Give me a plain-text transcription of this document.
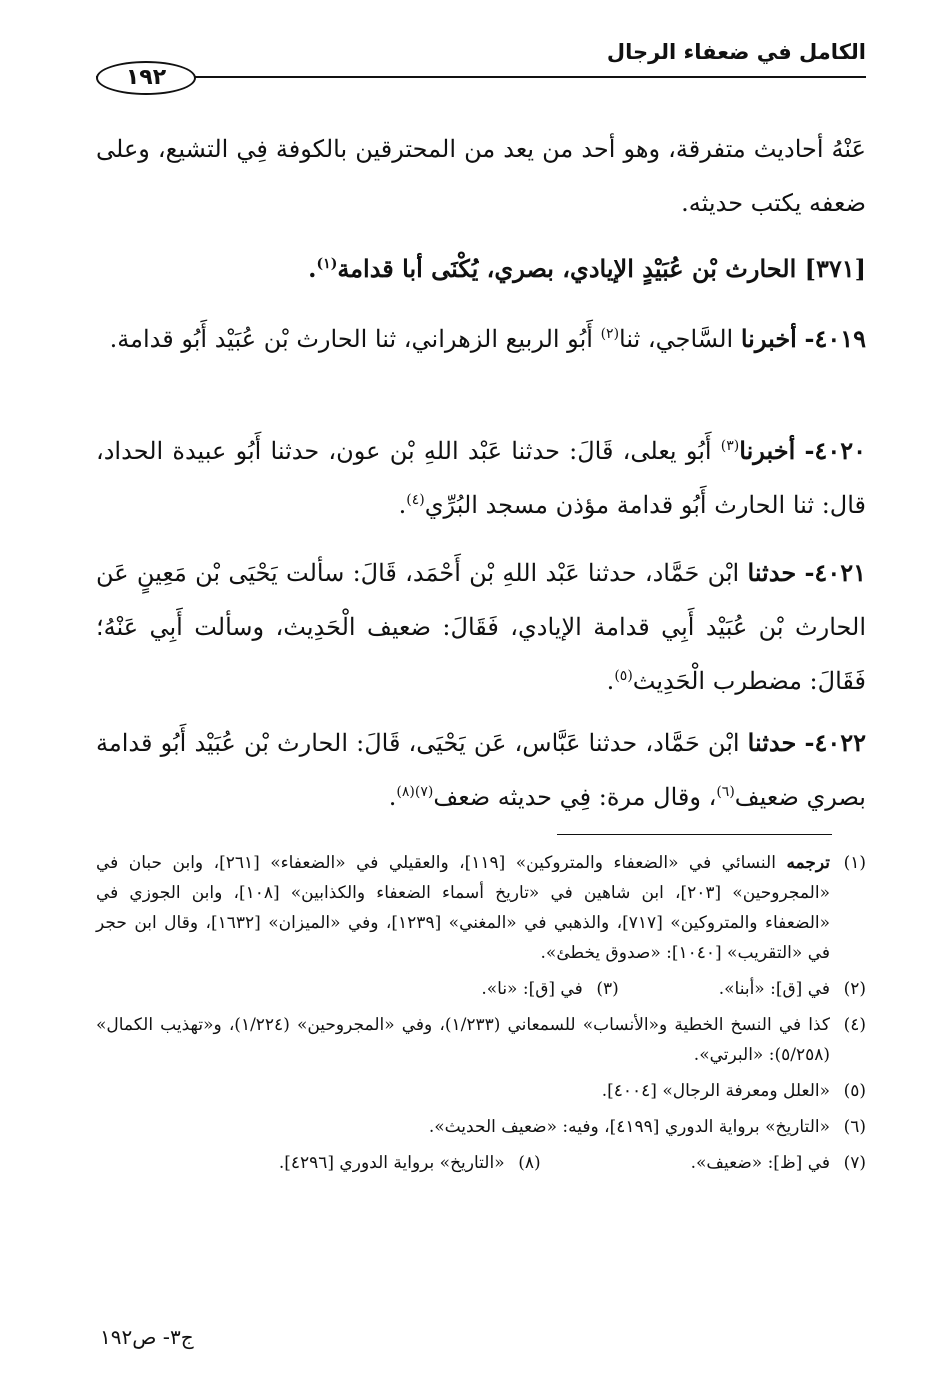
الكامل في ضعفاء الرجال
١٩٢

عَنْهُ أحاديث متفرقة، وهو أحد من يعد من المحترقين بالكوفة فِي التشيع، وعلى ضعفه يكتب حديثه.

[٣٧١] الحارث بْن عُبَيْدٍ الإيادي، بصري، يُكْنَى أبا قدامة$^{(١)}$.

٤٠١٩- أخبرنا السَّاجي، ثنا$^{(٢)}$ أَبُو الربيع الزهراني، ثنا الحارث بْن عُبَيْد أَبُو قدامة.

٤٠٢٠- أخبرنا$^{(٣)}$ أَبُو يعلى، قَالَ: حدثنا عَبْد اللهِ بْن عون، حدثنا أَبُو عبيدة الحداد، قال: ثنا الحارث أَبُو قدامة مؤذن مسجد البُرِّي$^{(٤)}$.

٤٠٢١- حدثنا ابْن حَمَّاد، حدثنا عَبْد اللهِ بْن أَحْمَد، قَالَ: سألت يَحْيَى بْن مَعِينٍ عَن الحارث بْن عُبَيْد أَبِي قدامة الإيادي، فَقَالَ: ضعيف الْحَدِيث، وسألت أَبِي عَنْهُ؛ فَقَالَ: مضطرب الْحَدِيث$^{(٥)}$.

٤٠٢٢- حدثنا ابْن حَمَّاد، حدثنا عَبَّاس، عَن يَحْيَى، قَالَ: الحارث بْن عُبَيْد أَبُو قدامة بصري ضعيف$^{(٦)}$، وقال مرة: فِي حديثه ضعف$^{(٧)(٨)}$.

(١)
ترجمه النسائي في «الضعفاء والمتروكين» [١١٩]، والعقيلي في «الضعفاء» [٢٦١]، وابن حبان في «المجروحين» [٢٠٣]، ابن شاهين في «تاريخ أسماء الضعفاء والكذابين» [١٠٨]، وابن الجوزي في «الضعفاء والمتروكين» [٧١٧]، والذهبي في «المغني» [١٢٣٩]، وفي «الميزان» [١٦٣٢]، وقال ابن حجر في «التقريب» [١٠٤٠]: «صدوق يخطئ».

(٢)
في [ق]: «أبنا».
(٣)
في [ق]: «نا».

(٤)
كذا في النسخ الخطية و«الأنساب» للسمعاني (١/٢٣٣)، وفي «المجروحين» (١/٢٢٤)، و«تهذيب الكمال» (٥/٢٥٨): «البرتي».

(٥)
«العلل ومعرفة الرجال» [٤٠٠٤].

(٦)
«التاريخ» برواية الدوري [٤١٩٩]، وفيه: «ضعيف الحديث».

(٧)
في [ظ]: «ضعيف».
(٨)
«التاريخ» برواية الدوري [٤٢٩٦].
ج٣- ص١٩٢
